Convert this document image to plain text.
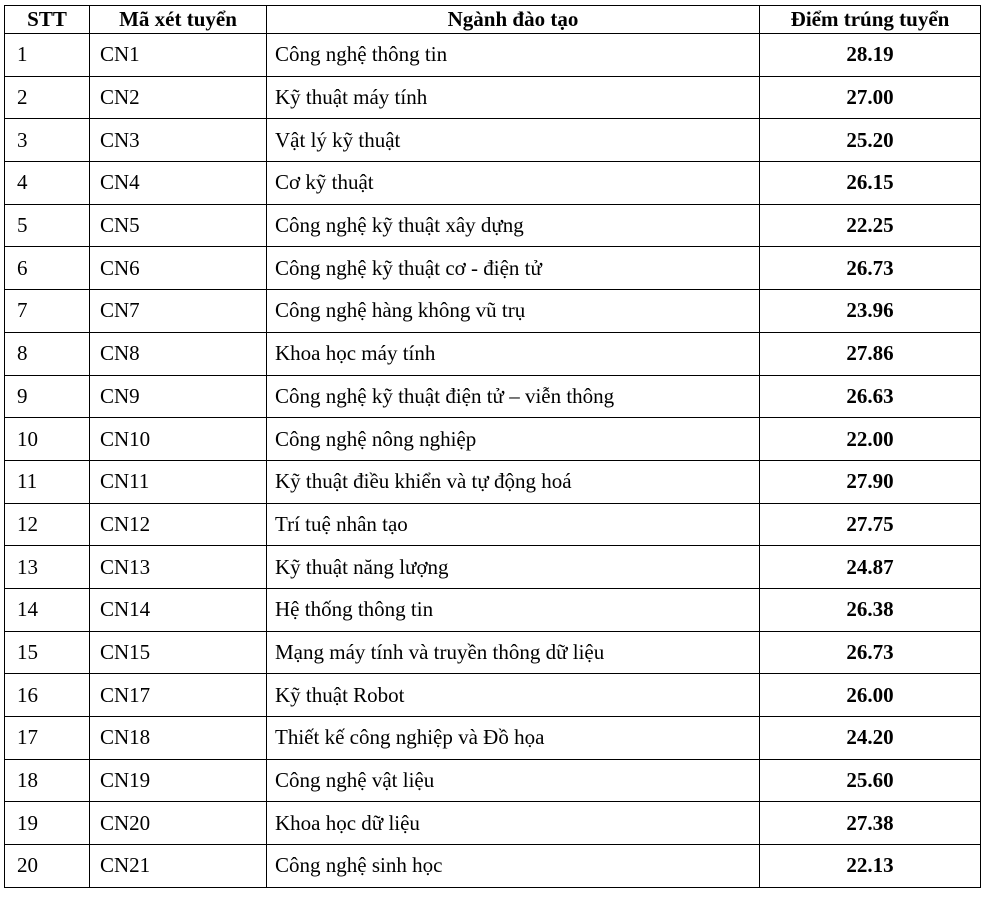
STT	Mã xét tuyển	Ngành đào tạo	Điểm trúng tuyển
1	CN1	Công nghệ thông tin	28.19
2	CN2	Kỹ thuật máy tính	27.00
3	CN3	Vật lý kỹ thuật	25.20
4	CN4	Cơ kỹ thuật	26.15
5	CN5	Công nghệ kỹ thuật xây dựng	22.25
6	CN6	Công nghệ kỹ thuật cơ - điện tử	26.73
7	CN7	Công nghệ hàng không vũ trụ	23.96
8	CN8	Khoa học máy tính	27.86
9	CN9	Công nghệ kỹ thuật điện tử – viễn thông	26.63
10	CN10	Công nghệ nông nghiệp	22.00
11	CN11	Kỹ thuật điều khiển và tự động hoá	27.90
12	CN12	Trí tuệ nhân tạo	27.75
13	CN13	Kỹ thuật năng lượng	24.87
14	CN14	Hệ thống thông tin	26.38
15	CN15	Mạng máy tính và truyền thông dữ liệu	26.73
16	CN17	Kỹ thuật Robot	26.00
17	CN18	Thiết kế công nghiệp và Đồ họa	24.20
18	CN19	Công nghệ vật liệu	25.60
19	CN20	Khoa học dữ liệu	27.38
20	CN21	Công nghệ sinh học	22.13
